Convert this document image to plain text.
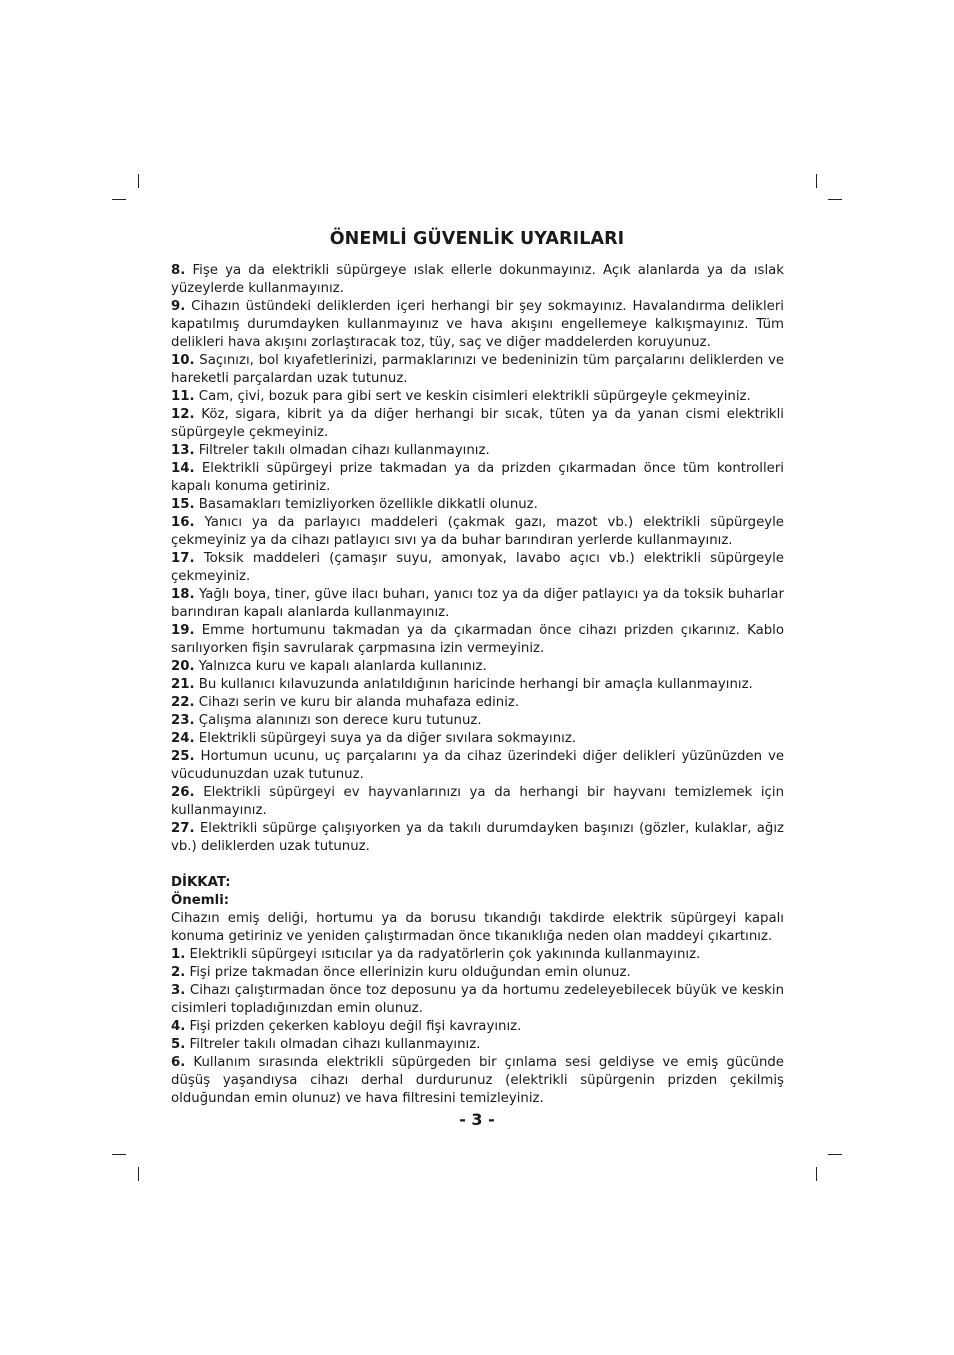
ÖNEMLİ GÜVENLİK UYARILARI

8. Fişe ya da elektrikli süpürgeye ıslak ellerle dokunmayınız. Açık alanlarda ya da ıslak yüzeylerde kullanmayınız.

9. Cihazın üstündeki deliklerden içeri herhangi bir şey sokmayınız. Havalandırma delikleri kapatılmış durumdayken kullanmayınız ve hava akışını engellemeye kalkışmayınız. Tüm delikleri hava akışını zorlaştıracak toz, tüy, saç ve diğer maddelerden koruyunuz.

10. Saçınızı, bol kıyafetlerinizi, parmaklarınızı ve bedeninizin tüm parçalarını deliklerden ve hareketli parçalardan uzak tutunuz.

11. Cam, çivi, bozuk para gibi sert ve keskin cisimleri elektrikli süpürgeyle çekmeyiniz.

12. Köz, sigara, kibrit ya da diğer herhangi bir sıcak, tüten ya da yanan cismi elektrikli süpürgeyle çekmeyiniz.

13. Filtreler takılı olmadan cihazı kullanmayınız.

14. Elektrikli süpürgeyi prize takmadan ya da prizden çıkarmadan önce tüm kontrolleri kapalı konuma getiriniz.

15. Basamakları temizliyorken özellikle dikkatli olunuz.

16. Yanıcı ya da parlayıcı maddeleri (çakmak gazı, mazot vb.) elektrikli süpürgeyle çekmeyiniz ya da cihazı patlayıcı sıvı ya da buhar barındıran yerlerde kullanmayınız.

17. Toksik maddeleri (çamaşır suyu, amonyak, lavabo açıcı vb.) elektrikli süpürgeyle çekmeyiniz.

18. Yağlı boya, tiner, güve ilacı buharı, yanıcı toz ya da diğer patlayıcı ya da toksik buharlar barındıran kapalı alanlarda kullanmayınız.

19. Emme hortumunu takmadan ya da çıkarmadan önce cihazı prizden çıkarınız. Kablo sarılıyorken fişin savrularak çarpmasına izin vermeyiniz.

20. Yalnızca kuru ve kapalı alanlarda kullanınız.

21. Bu kullanıcı kılavuzunda anlatıldığının haricinde herhangi bir amaçla kullanmayınız.

22. Cihazı serin ve kuru bir alanda muhafaza ediniz.

23. Çalışma alanınızı son derece kuru tutunuz.

24. Elektrikli süpürgeyi suya ya da diğer sıvılara sokmayınız.

25. Hortumun ucunu, uç parçalarını ya da cihaz üzerindeki diğer delikleri yüzünüzden ve vücudunuzdan uzak tutunuz.

26. Elektrikli süpürgeyi ev hayvanlarınızı ya da herhangi bir hayvanı temizlemek için kullanmayınız.

27. Elektrikli süpürge çalışıyorken ya da takılı durumdayken başınızı (gözler, kulaklar, ağız vb.) deliklerden uzak tutunuz.

DİKKAT:

Önemli:

Cihazın emiş deliği, hortumu ya da borusu tıkandığı takdirde elektrik süpürgeyi kapalı konuma getiriniz ve yeniden çalıştırmadan önce tıkanıklığa neden olan maddeyi çıkartınız.

1. Elektrikli süpürgeyi ısıtıcılar ya da radyatörlerin çok yakınında kullanmayınız.

2. Fişi prize takmadan önce ellerinizin kuru olduğundan emin olunuz.

3. Cihazı çalıştırmadan önce toz deposunu ya da hortumu zedeleyebilecek büyük ve keskin cisimleri topladığınızdan emin olunuz.

4. Fişi prizden çekerken kabloyu değil fişi kavrayınız.

5. Filtreler takılı olmadan cihazı kullanmayınız.

6. Kullanım sırasında elektrikli süpürgeden bir çınlama sesi geldiyse ve emiş gücünde düşüş yaşandıysa cihazı derhal durdurunuz (elektrikli süpürgenin prizden çekilmiş olduğundan emin olunuz) ve hava filtresini temizleyiniz.

- 3 -
